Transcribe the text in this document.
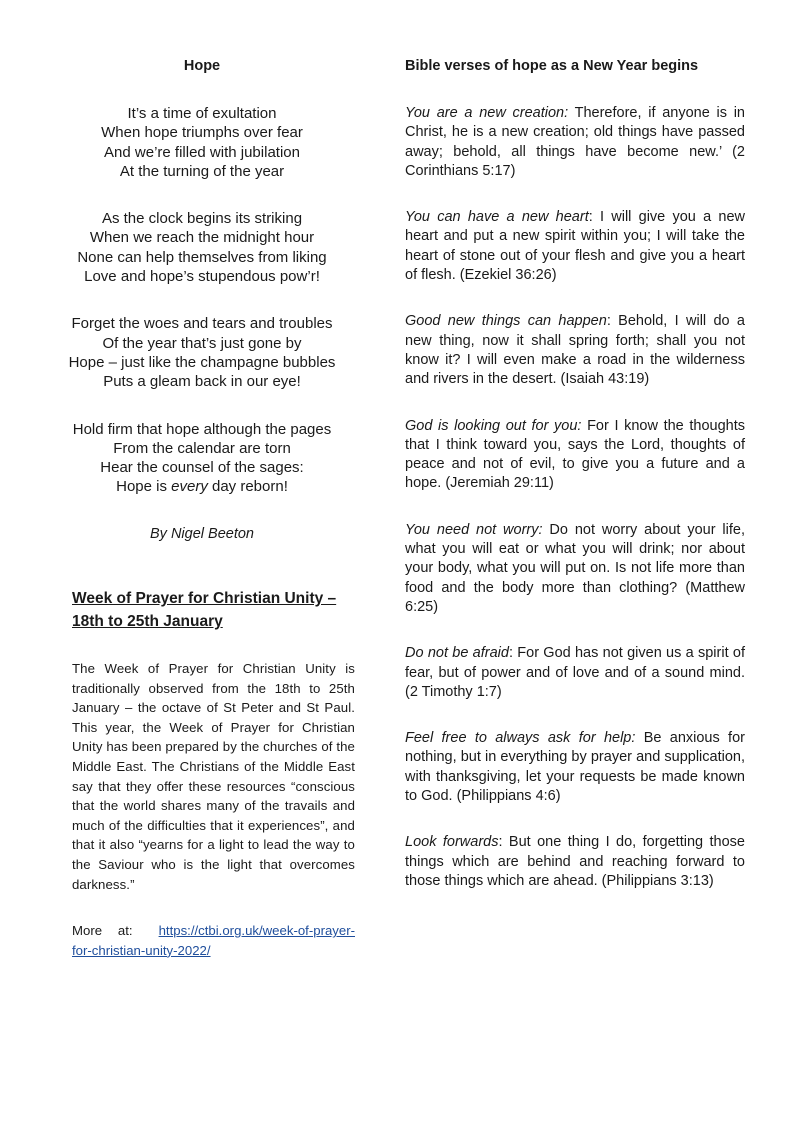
Hope
It’s a time of exultation
When hope triumphs over fear
And we’re filled with jubilation
At the turning of the year
As the clock begins its striking
When we reach the midnight hour
None can help themselves from liking
Love and hope’s stupendous pow’r!
Forget the woes and tears and troubles
Of the year that’s just gone by
Hope – just like the champagne bubbles
Puts a gleam back in our eye!
Hold firm that hope although the pages
From the calendar are torn
Hear the counsel of the sages:
Hope is every day reborn!

By Nigel Beeton

Week of Prayer for Christian Unity – 18th to 25th January

The Week of Prayer for Christian Unity is traditionally observed from the 18th to 25th January – the octave of St Peter and St Paul. This year, the Week of Prayer for Christian Unity has been prepared by the churches of the Middle East. The Christians of the Middle East say that they offer these resources “conscious that the world shares many of the travails and much of the difficulties that it experiences”, and that it also “yearns for a light to lead the way to the Saviour who is the light that overcomes darkness.”

More at: https://ctbi.org.uk/week-of-prayer-for-christian-unity-2022/

Bible verses of hope as a New Year begins

You are a new creation: Therefore, if anyone is in Christ, he is a new creation; old things have passed away; behold, all things have become new.’ (2 Corinthians 5:17)

You can have a new heart: I will give you a new heart and put a new spirit within you; I will take the heart of stone out of your flesh and give you a heart of flesh. (Ezekiel 36:26)

Good new things can happen: Behold, I will do a new thing, now it shall spring forth; shall you not know it? I will even make a road in the wilderness and rivers in the desert. (Isaiah 43:19)

God is looking out for you: For I know the thoughts that I think toward you, says the Lord, thoughts of peace and not of evil, to give you a future and a hope. (Jeremiah 29:11)

You need not worry: Do not worry about your life, what you will eat or what you will drink; nor about your body, what you will put on. Is not life more than food and the body more than clothing? (Matthew 6:25)

Do not be afraid: For God has not given us a spirit of fear, but of power and of love and of a sound mind. (2 Timothy 1:7)

Feel free to always ask for help: Be anxious for nothing, but in everything by prayer and supplication, with thanksgiving, let your requests be made known to God. (Philippians 4:6)

Look forwards: But one thing I do, forgetting those things which are behind and reaching forward to those things which are ahead. (Philippians 3:13)
